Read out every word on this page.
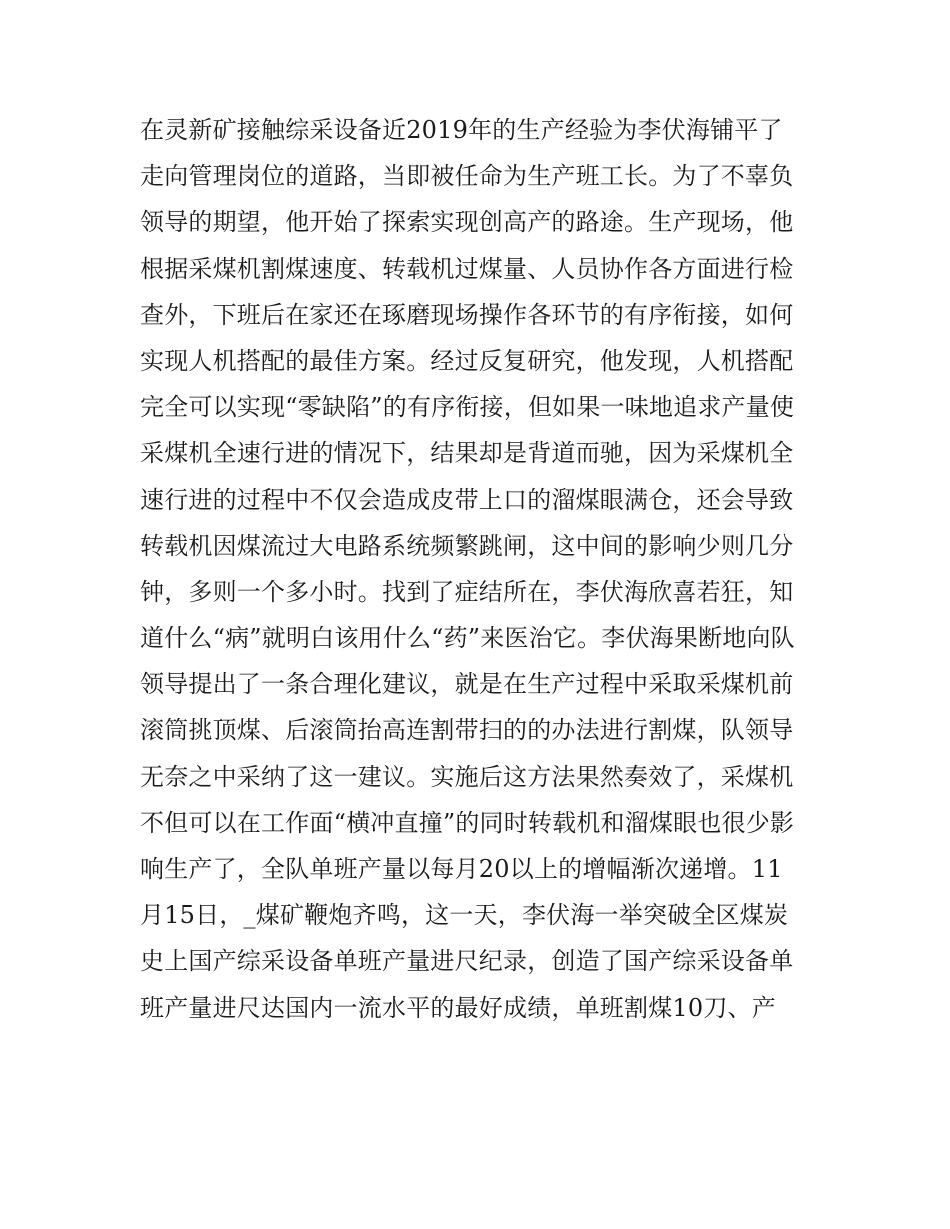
在灵新矿接触综采设备近2019年的生产经验为李伏海铺平了
走向管理岗位的道路，当即被任命为生产班工长。为了不辜负
领导的期望，他开始了探索实现创高产的路途。生产现场，他
根据采煤机割煤速度、转载机过煤量、人员协作各方面进行检
查外，下班后在家还在琢磨现场操作各环节的有序衔接，如何
实现人机搭配的最佳方案。经过反复研究，他发现，人机搭配
完全可以实现“零缺陷”的有序衔接，但如果一味地追求产量使
采煤机全速行进的情况下，结果却是背道而驰，因为采煤机全
速行进的过程中不仅会造成皮带上口的溜煤眼满仓，还会导致
转载机因煤流过大电路系统频繁跳闸，这中间的影响少则几分
钟，多则一个多小时。找到了症结所在，李伏海欣喜若狂，知
道什么“病”就明白该用什么“药”来医治它。李伏海果断地向队
领导提出了一条合理化建议，就是在生产过程中采取采煤机前
滚筒挑顶煤、后滚筒抬高连割带扫的的办法进行割煤，队领导
无奈之中采纳了这一建议。实施后这方法果然奏效了，采煤机
不但可以在工作面“横冲直撞”的同时转载机和溜煤眼也很少影
响生产了，全队单班产量以每月20以上的增幅渐次递增。11
月15日，_煤矿鞭炮齐鸣，这一天，李伏海一举突破全区煤炭
史上国产综采设备单班产量进尺纪录，创造了国产综采设备单
班产量进尺达国内一流水平的最好成绩，单班割煤10刀、产
